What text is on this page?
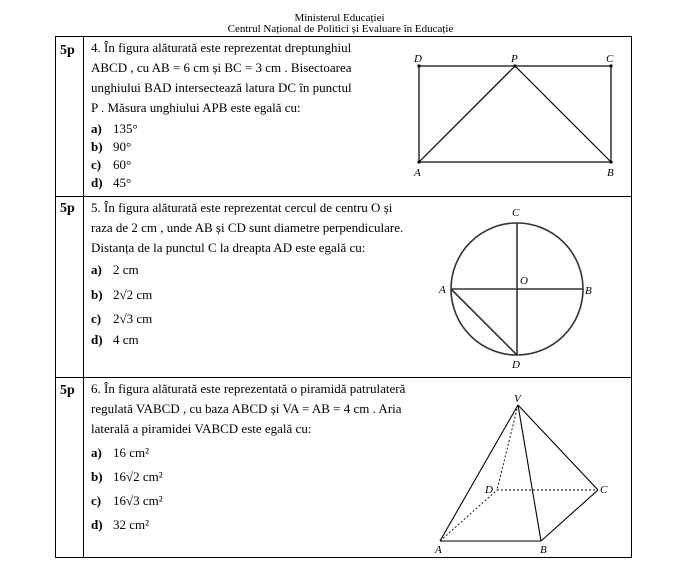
Ministerul Educației
Centrul Național de Politici și Evaluare în Educație
5p 4. În figura alăturată este reprezentat dreptunghiul
ABCD , cu AB = 6 cm și BC = 3 cm . Bisectoarea
unghiului BAD intersectează latura DC în punctul
P . Măsura unghiului APB este egală cu:
a) 135°
b) 90°
c) 60°
d) 45°
5p 5. În figura alăturată este reprezentat cercul de centru O și
raza de 2 cm , unde AB și CD sunt diametre perpendiculare.
Distanța de la punctul C la dreapta AD este egală cu:
a) 2 cm
b) 2√2 cm
c) 2√3 cm
d) 4 cm
5p 6. În figura alăturată este reprezentată o piramidă patrulateră
regulată VABCD , cu baza ABCD și VA = AB = 4 cm . Aria
laterală a piramidei VABCD este egală cu:
a) 16 cm²
b) 16√2 cm²
c) 16√3 cm²
d) 32 cm²
D	P	C
A	B
C
O
A	B
D
V
D	C
A	B
